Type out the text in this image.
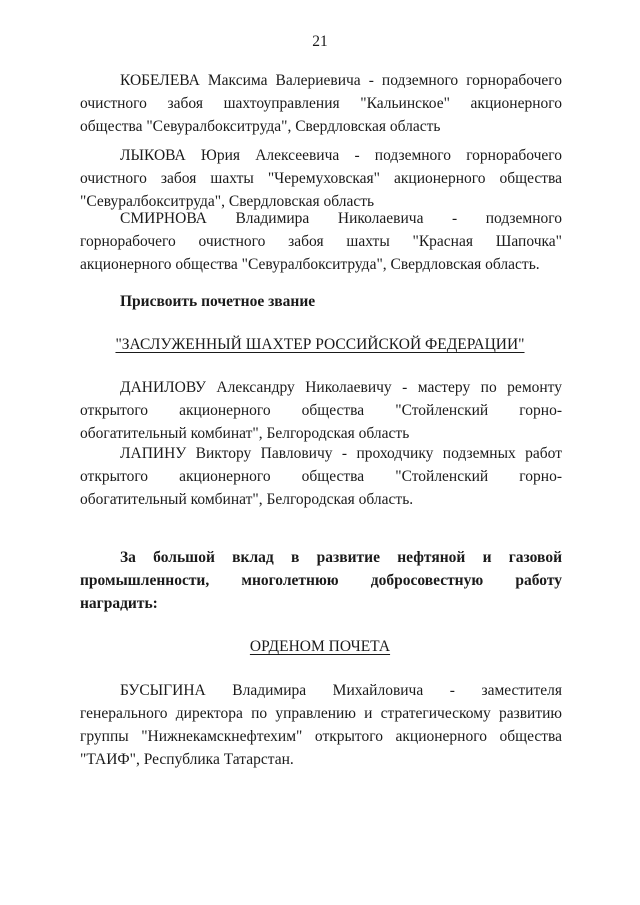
21
КОБЕЛЕВА Максима Валериевича - подземного горнорабочего
очистного забоя шахтоуправления "Кальинское" акционерного
общества "Севуралбокситруда", Свердловская область
ЛЫКОВА Юрия Алексеевича - подземного горнорабочего
очистного забоя шахты "Черемуховская" акционерного общества
"Севуралбокситруда", Свердловская область
СМИРНОВА Владимира Николаевича - подземного
горнорабочего очистного забоя шахты "Красная Шапочка"
акционерного общества "Севуралбокситруда", Свердловская область.
Присвоить почетное звание
"ЗАСЛУЖЕННЫЙ ШАХТЕР РОССИЙСКОЙ ФЕДЕРАЦИИ"
ДАНИЛОВУ Александру Николаевичу - мастеру по ремонту
открытого акционерного общества "Стойленский горно-
обогатительный комбинат", Белгородская область
ЛАПИНУ Виктору Павловичу - проходчику подземных работ
открытого акционерного общества "Стойленский горно-
обогатительный комбинат", Белгородская область.
За большой вклад в развитие нефтяной и газовой
промышленности, многолетнюю добросовестную работу
наградить:
ОРДЕНОМ ПОЧЕТА
БУСЫГИНА Владимира Михайловича - заместителя
генерального директора по управлению и стратегическому развитию
группы "Нижнекамскнефтехим" открытого акционерного общества
"ТАИФ", Республика Татарстан.
